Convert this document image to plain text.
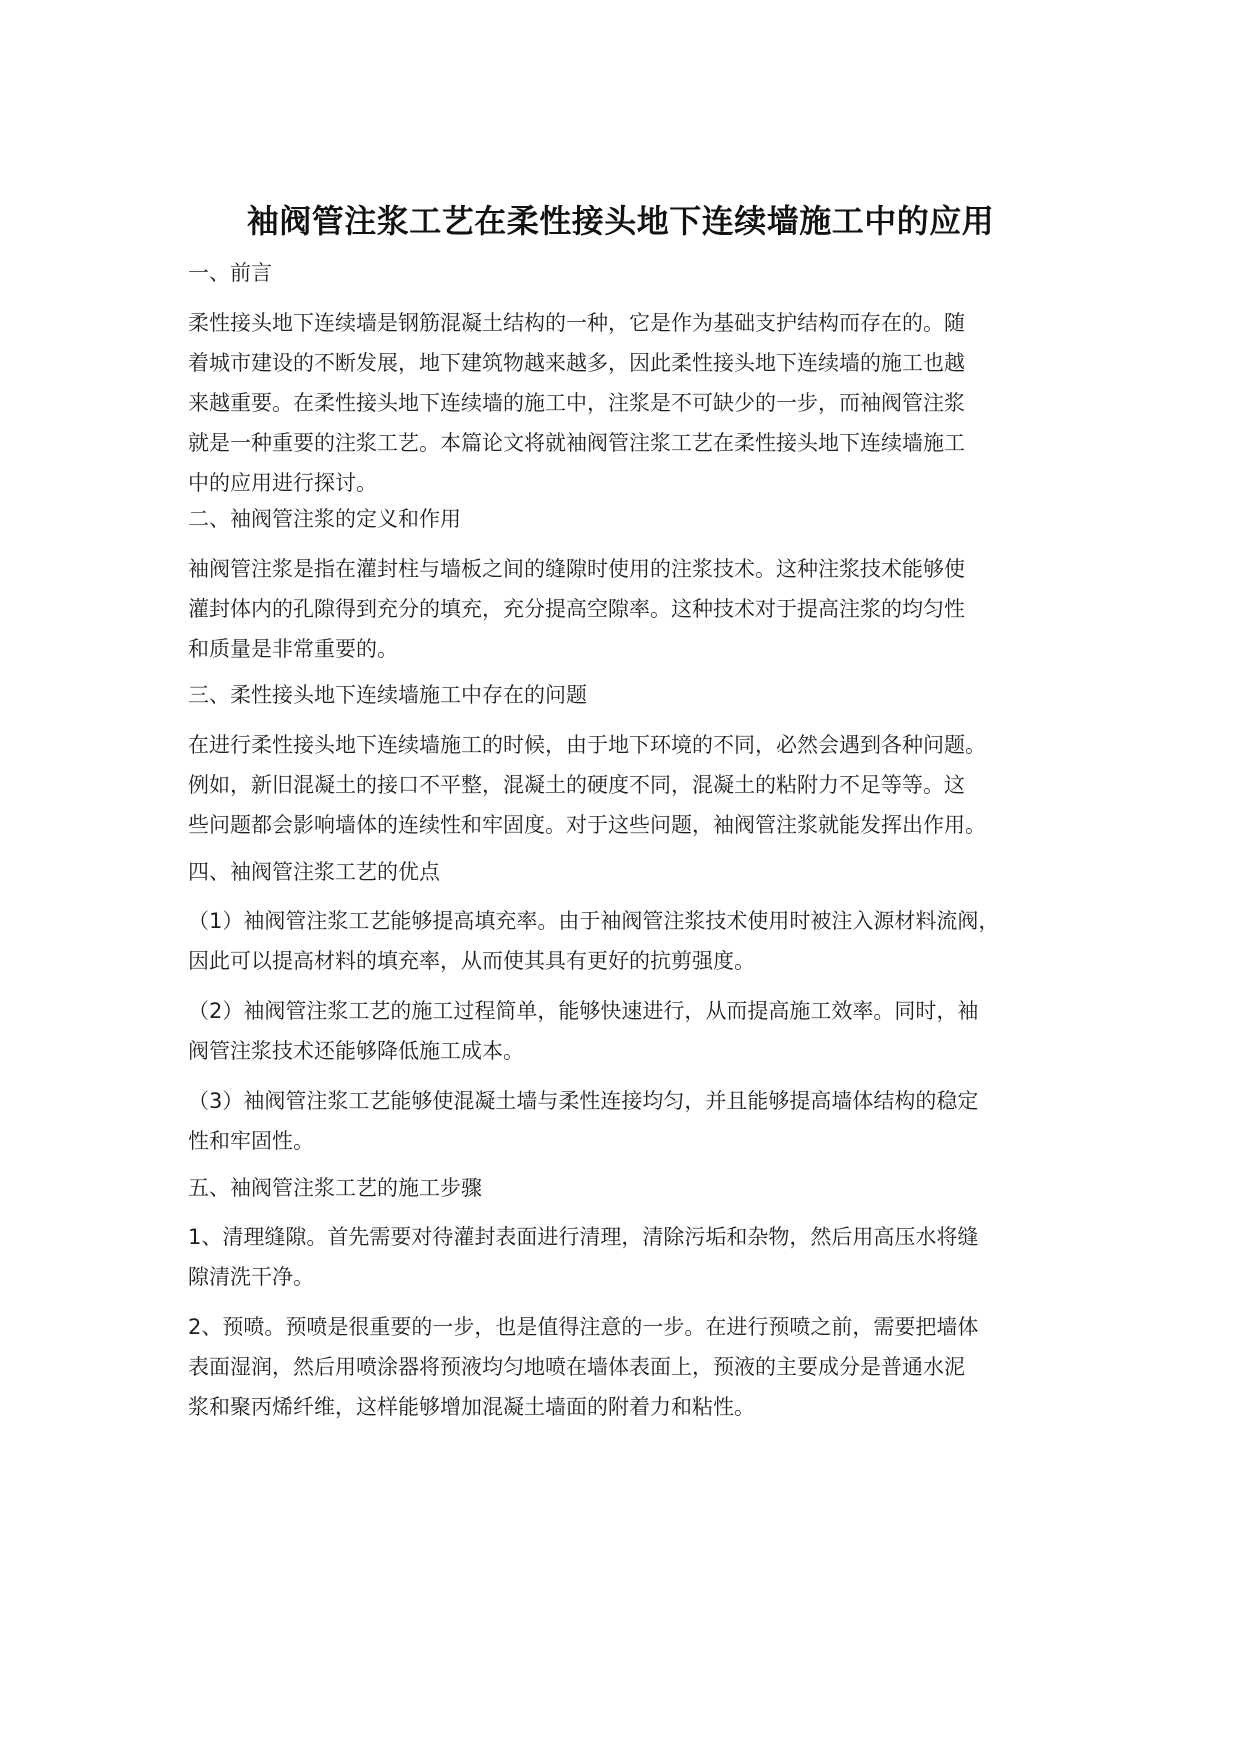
袖阀管注浆工艺在柔性接头地下连续墙施工中的应用

一、前言

柔性接头地下连续墙是钢筋混凝土结构的一种，它是作为基础支护结构而存在的。随
着城市建设的不断发展，地下建筑物越来越多，因此柔性接头地下连续墙的施工也越
来越重要。在柔性接头地下连续墙的施工中，注浆是不可缺少的一步，而袖阀管注浆
就是一种重要的注浆工艺。本篇论文将就袖阀管注浆工艺在柔性接头地下连续墙施工
中的应用进行探讨。

二、袖阀管注浆的定义和作用

袖阀管注浆是指在灌封柱与墙板之间的缝隙时使用的注浆技术。这种注浆技术能够使
灌封体内的孔隙得到充分的填充，充分提高空隙率。这种技术对于提高注浆的均匀性
和质量是非常重要的。

三、柔性接头地下连续墙施工中存在的问题

在进行柔性接头地下连续墙施工的时候，由于地下环境的不同，必然会遇到各种问题。
例如，新旧混凝土的接口不平整，混凝土的硬度不同，混凝土的粘附力不足等等。这
些问题都会影响墙体的连续性和牢固度。对于这些问题，袖阀管注浆就能发挥出作用。

四、袖阀管注浆工艺的优点

（1）袖阀管注浆工艺能够提高填充率。由于袖阀管注浆技术使用时被注入源材料流阀，
因此可以提高材料的填充率，从而使其具有更好的抗剪强度。

（2）袖阀管注浆工艺的施工过程简单，能够快速进行，从而提高施工效率。同时，袖
阀管注浆技术还能够降低施工成本。

（3）袖阀管注浆工艺能够使混凝土墙与柔性连接均匀，并且能够提高墙体结构的稳定
性和牢固性。

五、袖阀管注浆工艺的施工步骤

1、清理缝隙。首先需要对待灌封表面进行清理，清除污垢和杂物，然后用高压水将缝
隙清洗干净。

2、预喷。预喷是很重要的一步，也是值得注意的一步。在进行预喷之前，需要把墙体
表面湿润，然后用喷涂器将预液均匀地喷在墙体表面上，预液的主要成分是普通水泥
浆和聚丙烯纤维，这样能够增加混凝土墙面的附着力和粘性。
